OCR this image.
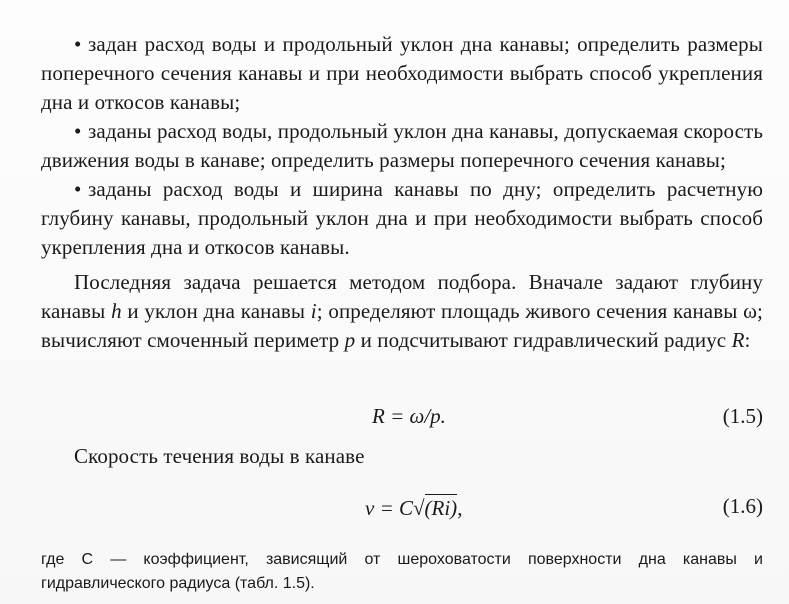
• задан расход воды и продольный уклон дна канавы; определить размеры поперечного сечения канавы и при необходимости выбрать способ укрепления дна и откосов канавы;

• заданы расход воды, продольный уклон дна канавы, допускаемая скорость движения воды в канаве; определить размеры поперечного сечения канавы;

• заданы расход воды и ширина канавы по дну; определить расчетную глубину канавы, продольный уклон дна и при необходимости выбрать способ укрепления дна и откосов канавы.

Последняя задача решается методом подбора. Вначале задают глубину канавы h и уклон дна канавы i; определяют площадь живого сечения канавы ω; вычисляют смоченный периметр p и подсчитывают гидравлический радиус R:

R = ω/p.	(1.5)

Скорость течения воды в канаве

v = C√(Ri),	(1.6)
где C — коэффициент, зависящий от шероховатости поверхности дна канавы и гидравлического радиуса (табл. 1.5).
